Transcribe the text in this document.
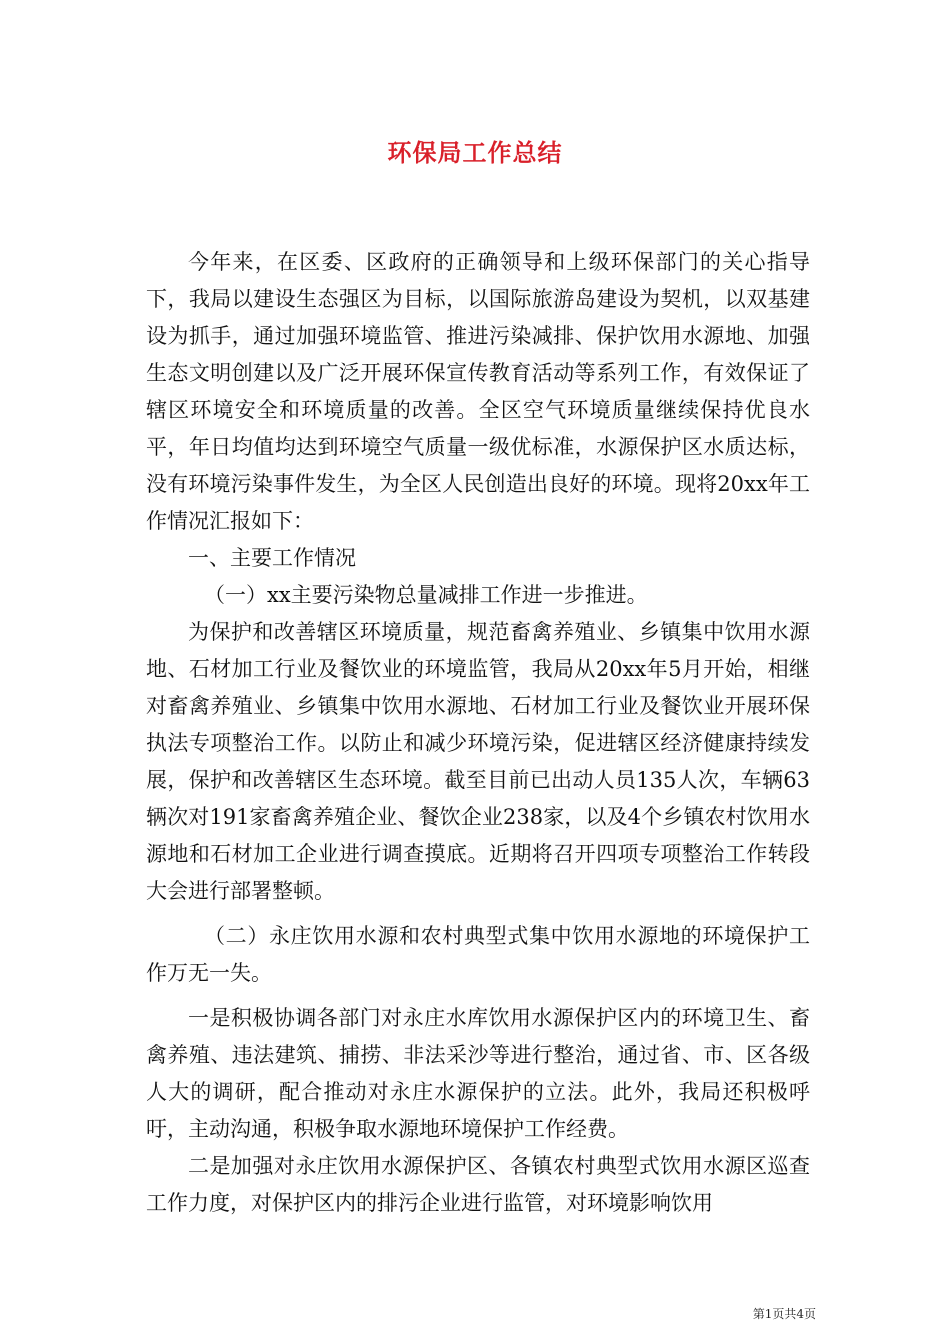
环保局工作总结

今年来，在区委、区政府的正确领导和上级环保部门的关心指导下，我局以建设生态强区为目标，以国际旅游岛建设为契机，以双基建设为抓手，通过加强环境监管、推进污染减排、保护饮用水源地、加强生态文明创建以及广泛开展环保宣传教育活动等系列工作，有效保证了辖区环境安全和环境质量的改善。全区空气环境质量继续保持优良水平，年日均值均达到环境空气质量一级优标准，水源保护区水质达标，没有环境污染事件发生，为全区人民创造出良好的环境。现将20xx年工作情况汇报如下：

一、主要工作情况

（一）xx主要污染物总量减排工作进一步推进。

为保护和改善辖区环境质量，规范畜禽养殖业、乡镇集中饮用水源地、石材加工行业及餐饮业的环境监管，我局从20xx年5月开始，相继对畜禽养殖业、乡镇集中饮用水源地、石材加工行业及餐饮业开展环保执法专项整治工作。以防止和减少环境污染，促进辖区经济健康持续发展，保护和改善辖区生态环境。截至目前已出动人员135人次，车辆63辆次对191家畜禽养殖企业、餐饮企业238家，以及4个乡镇农村饮用水源地和石材加工企业进行调查摸底。近期将召开四项专项整治工作转段大会进行部署整顿。

（二）永庄饮用水源和农村典型式集中饮用水源地的环境保护工作万无一失。

一是积极协调各部门对永庄水库饮用水源保护区内的环境卫生、畜禽养殖、违法建筑、捕捞、非法采沙等进行整治，通过省、市、区各级人大的调研，配合推动对永庄水源保护的立法。此外，我局还积极呼吁，主动沟通，积极争取水源地环境保护工作经费。

二是加强对永庄饮用水源保护区、各镇农村典型式饮用水源区巡查工作力度，对保护区内的排污企业进行监管，对环境影响饮用

第1页共4页
